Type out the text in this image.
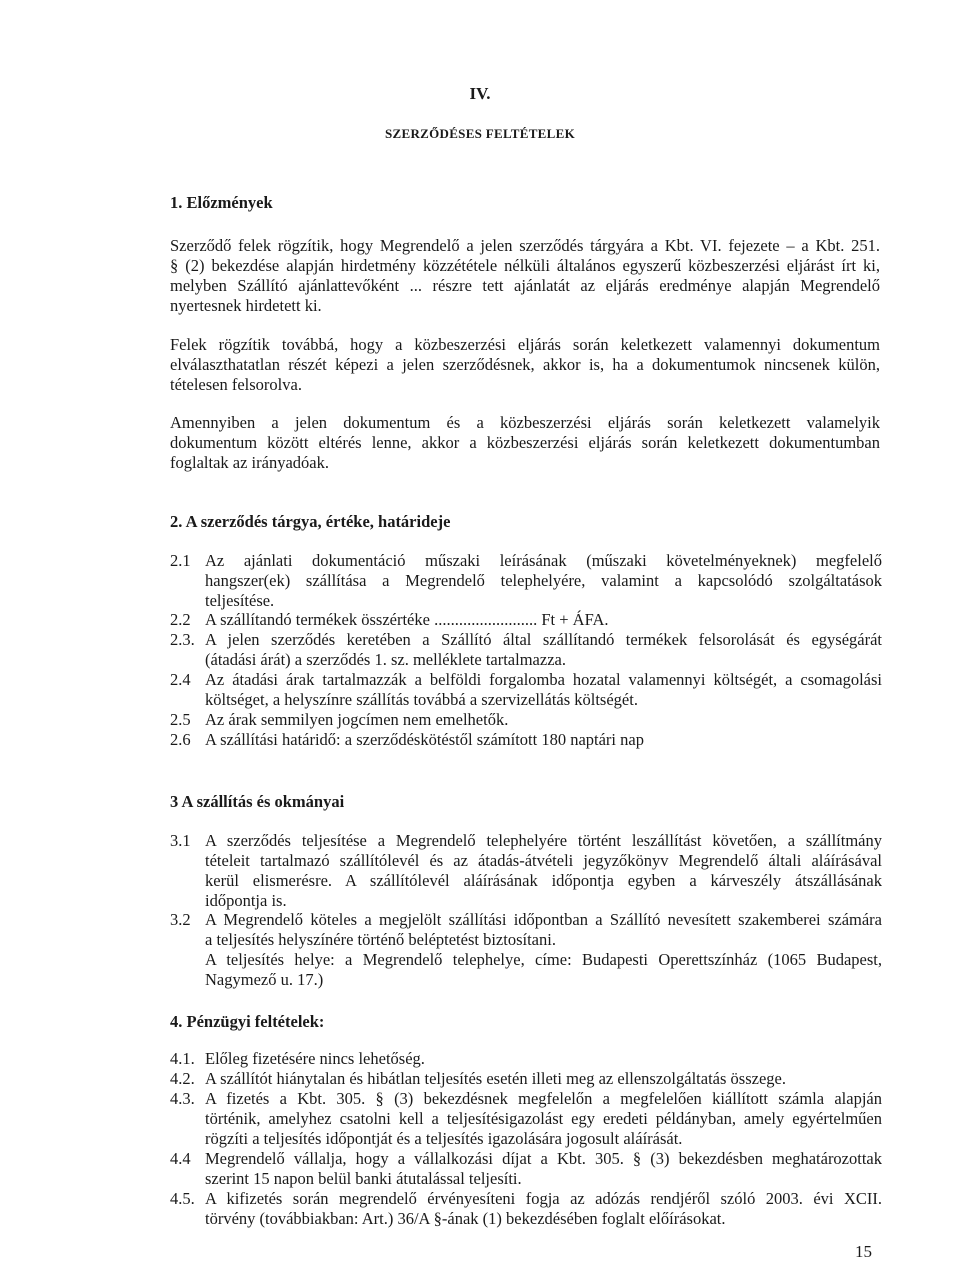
IV.
SZERZŐDÉSES FELTÉTELEK
1. Előzmények
Szerződő felek rögzítik, hogy Megrendelő a jelen szerződés tárgyára a Kbt. VI. fejezete – a Kbt. 251.
§ (2) bekezdése alapján hirdetmény közzététele nélküli általános egyszerű közbeszerzési eljárást írt ki,
melyben Szállító ajánlattevőként ... részre tett ajánlatát az eljárás eredménye alapján Megrendelő
nyertesnek hirdetett ki.
Felek rögzítik továbbá, hogy a közbeszerzési eljárás során keletkezett valamennyi dokumentum
elválaszthatatlan részét képezi a jelen szerződésnek, akkor is, ha a dokumentumok nincsenek külön,
tételesen felsorolva.
Amennyiben a jelen dokumentum és a közbeszerzési eljárás során keletkezett valamelyik
dokumentum között eltérés lenne, akkor a közbeszerzési eljárás során keletkezett dokumentumban
foglaltak az irányadóak.
2. A szerződés tárgya, értéke, határideje
2.1 Az ajánlati dokumentáció műszaki leírásának (műszaki követelményeknek) megfelelő
hangszer(ek) szállítása a Megrendelő telephelyére, valamint a kapcsolódó szolgáltatások
teljesítése.
2.2 A szállítandó termékek összértéke ......................... Ft + ÁFA.
2.3. A jelen szerződés keretében a Szállító által szállítandó termékek felsorolását és egységárát
(átadási árát) a szerződés 1. sz. melléklete tartalmazza.
2.4 Az átadási árak tartalmazzák a belföldi forgalomba hozatal valamennyi költségét, a csomagolási
költséget, a helyszínre szállítás továbbá a szervizellátás költségét.
2.5 Az árak semmilyen jogcímen nem emelhetők.
2.6 A szállítási határidő: a szerződéskötéstől számított 180 naptári nap
3 A szállítás és okmányai
3.1 A szerződés teljesítése a Megrendelő telephelyére történt leszállítást követően, a szállítmány
tételeit tartalmazó szállítólevél és az átadás-átvételi jegyzőkönyv Megrendelő általi aláírásával
kerül elismerésre. A szállítólevél aláírásának időpontja egyben a kárveszély átszállásának
időpontja is.
3.2 A Megrendelő köteles a megjelölt szállítási időpontban a Szállító nevesített szakemberei számára
a teljesítés helyszínére történő beléptetést biztosítani.
A teljesítés helye: a Megrendelő telephelye, címe: Budapesti Operettszínház (1065 Budapest,
Nagymező u. 17.)
4. Pénzügyi feltételek:
4.1. Előleg fizetésére nincs lehetőség.
4.2. A szállítót hiánytalan és hibátlan teljesítés esetén illeti meg az ellenszolgáltatás összege.
4.3. A fizetés a Kbt. 305. § (3) bekezdésnek megfelelőn a megfelelően kiállított számla alapján
történik, amelyhez csatolni kell a teljesítésigazolást egy eredeti példányban, amely egyértelműen
rögzíti a teljesítés időpontját és a teljesítés igazolására jogosult aláírását.
4.4 Megrendelő vállalja, hogy a vállalkozási díjat a Kbt. 305. § (3) bekezdésben meghatározottak
szerint 15 napon belül banki átutalással teljesíti.
4.5. A kifizetés során megrendelő érvényesíteni fogja az adózás rendjéről szóló 2003. évi XCII.
törvény (továbbiakban: Art.) 36/A §-ának (1) bekezdésében foglalt előírásokat.
15
